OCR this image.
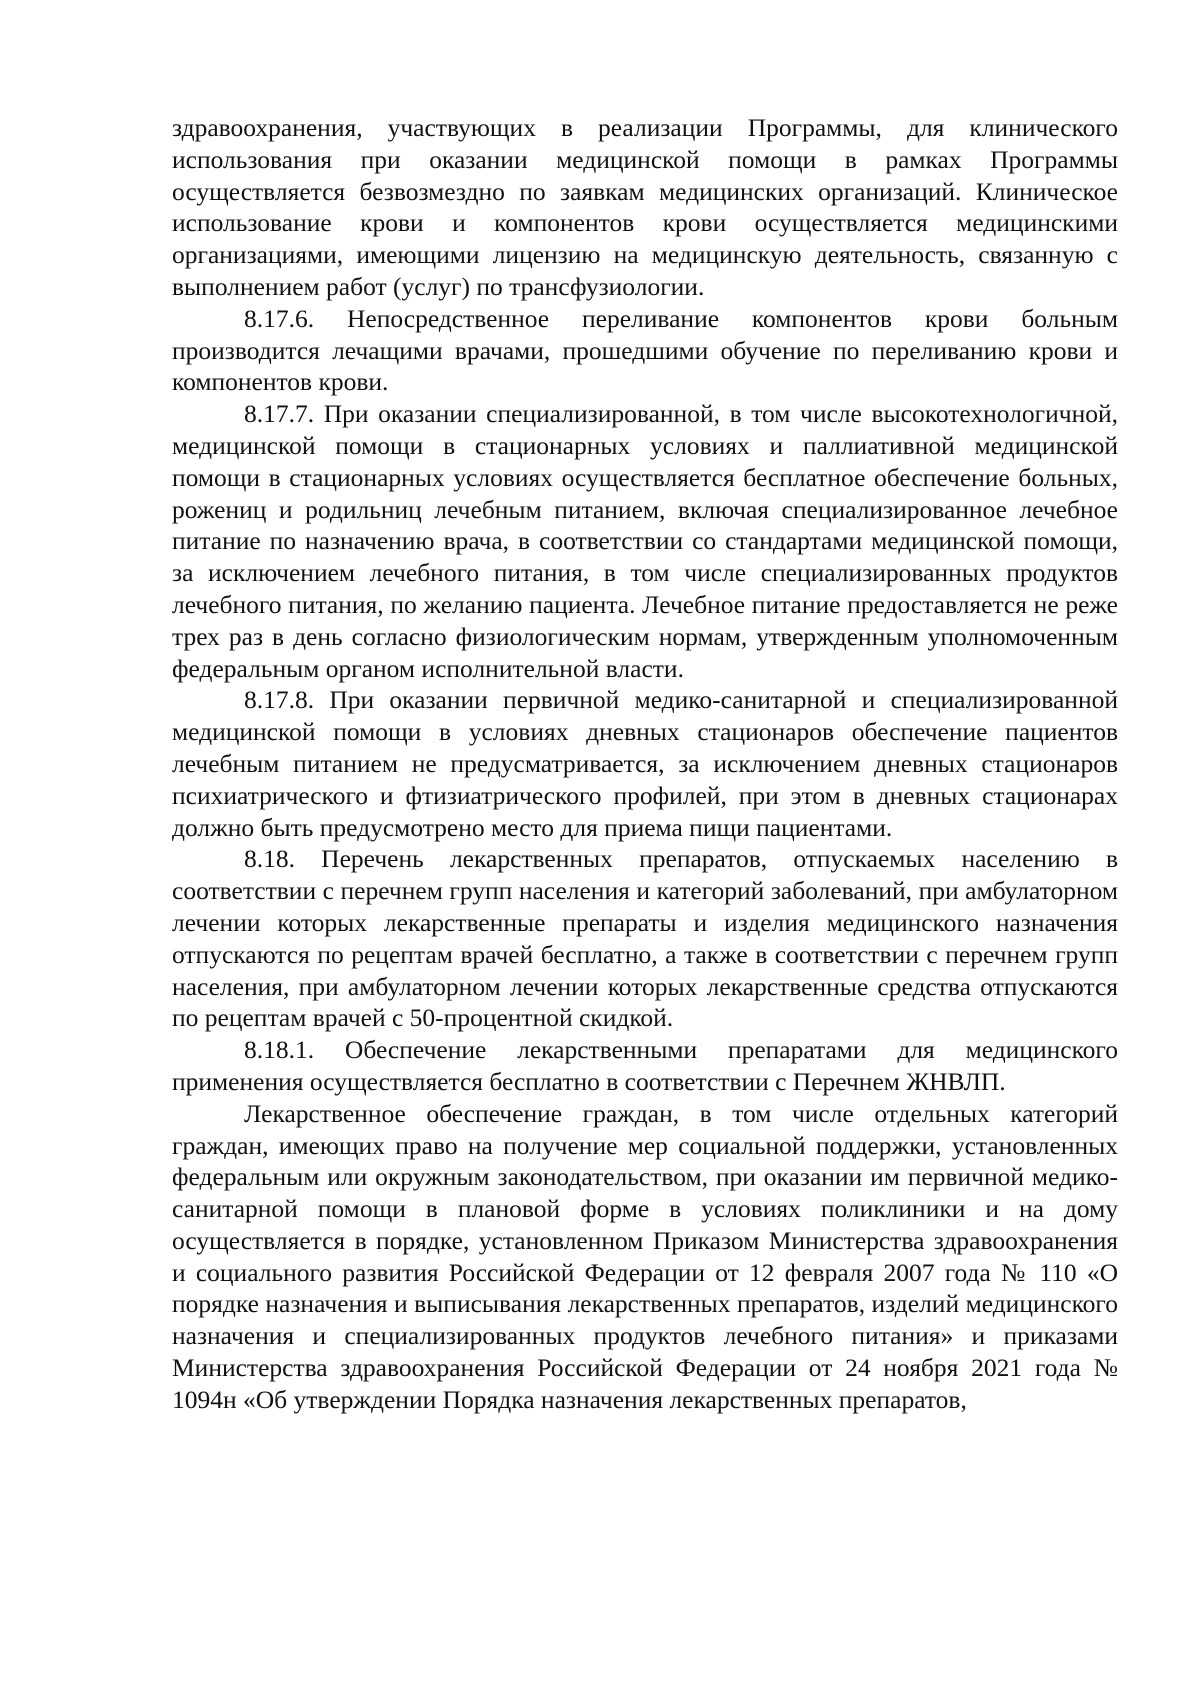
здравоохранения, участвующих в реализации Программы, для клинического использования при оказании медицинской помощи в рамках Программы осуществляется безвозмездно по заявкам медицинских организаций. Клиническое использование крови и компонентов крови осуществляется медицинскими организациями, имеющими лицензию на медицинскую деятельность, связанную с выполнением работ (услуг) по трансфузиологии.

8.17.6. Непосредственное переливание компонентов крови больным производится лечащими врачами, прошедшими обучение по переливанию крови и компонентов крови.

8.17.7. При оказании специализированной, в том числе высокотехнологичной, медицинской помощи в стационарных условиях и паллиативной медицинской помощи в стационарных условиях осуществляется бесплатное обеспечение больных, рожениц и родильниц лечебным питанием, включая специализированное лечебное питание по назначению врача, в соответствии со стандартами медицинской помощи, за исключением лечебного питания, в том числе специализированных продуктов лечебного питания, по желанию пациента. Лечебное питание предоставляется не реже трех раз в день согласно физиологическим нормам, утвержденным уполномоченным федеральным органом исполнительной власти.

8.17.8. При оказании первичной медико-санитарной и специализированной медицинской помощи в условиях дневных стационаров обеспечение пациентов лечебным питанием не предусматривается, за исключением дневных стационаров психиатрического и фтизиатрического профилей, при этом в дневных стационарах должно быть предусмотрено место для приема пищи пациентами.

8.18. Перечень лекарственных препаратов, отпускаемых населению в соответствии с перечнем групп населения и категорий заболеваний, при амбулаторном лечении которых лекарственные препараты и изделия медицинского назначения отпускаются по рецептам врачей бесплатно, а также в соответствии с перечнем групп населения, при амбулаторном лечении которых лекарственные средства отпускаются по рецептам врачей с 50-процентной скидкой.

8.18.1. Обеспечение лекарственными препаратами для медицинского применения осуществляется бесплатно в соответствии с Перечнем ЖНВЛП.

Лекарственное обеспечение граждан, в том числе отдельных категорий граждан, имеющих право на получение мер социальной поддержки, установленных федеральным или окружным законодательством, при оказании им первичной медико-санитарной помощи в плановой форме в условиях поликлиники и на дому осуществляется в порядке, установленном Приказом Министерства здравоохранения и социального развития Российской Федерации от 12 февраля 2007 года № 110 «О порядке назначения и выписывания лекарственных препаратов, изделий медицинского назначения и специализированных продуктов лечебного питания» и приказами Министерства здравоохранения Российской Федерации от 24 ноября 2021 года № 1094н «Об утверждении Порядка назначения лекарственных препаратов,
